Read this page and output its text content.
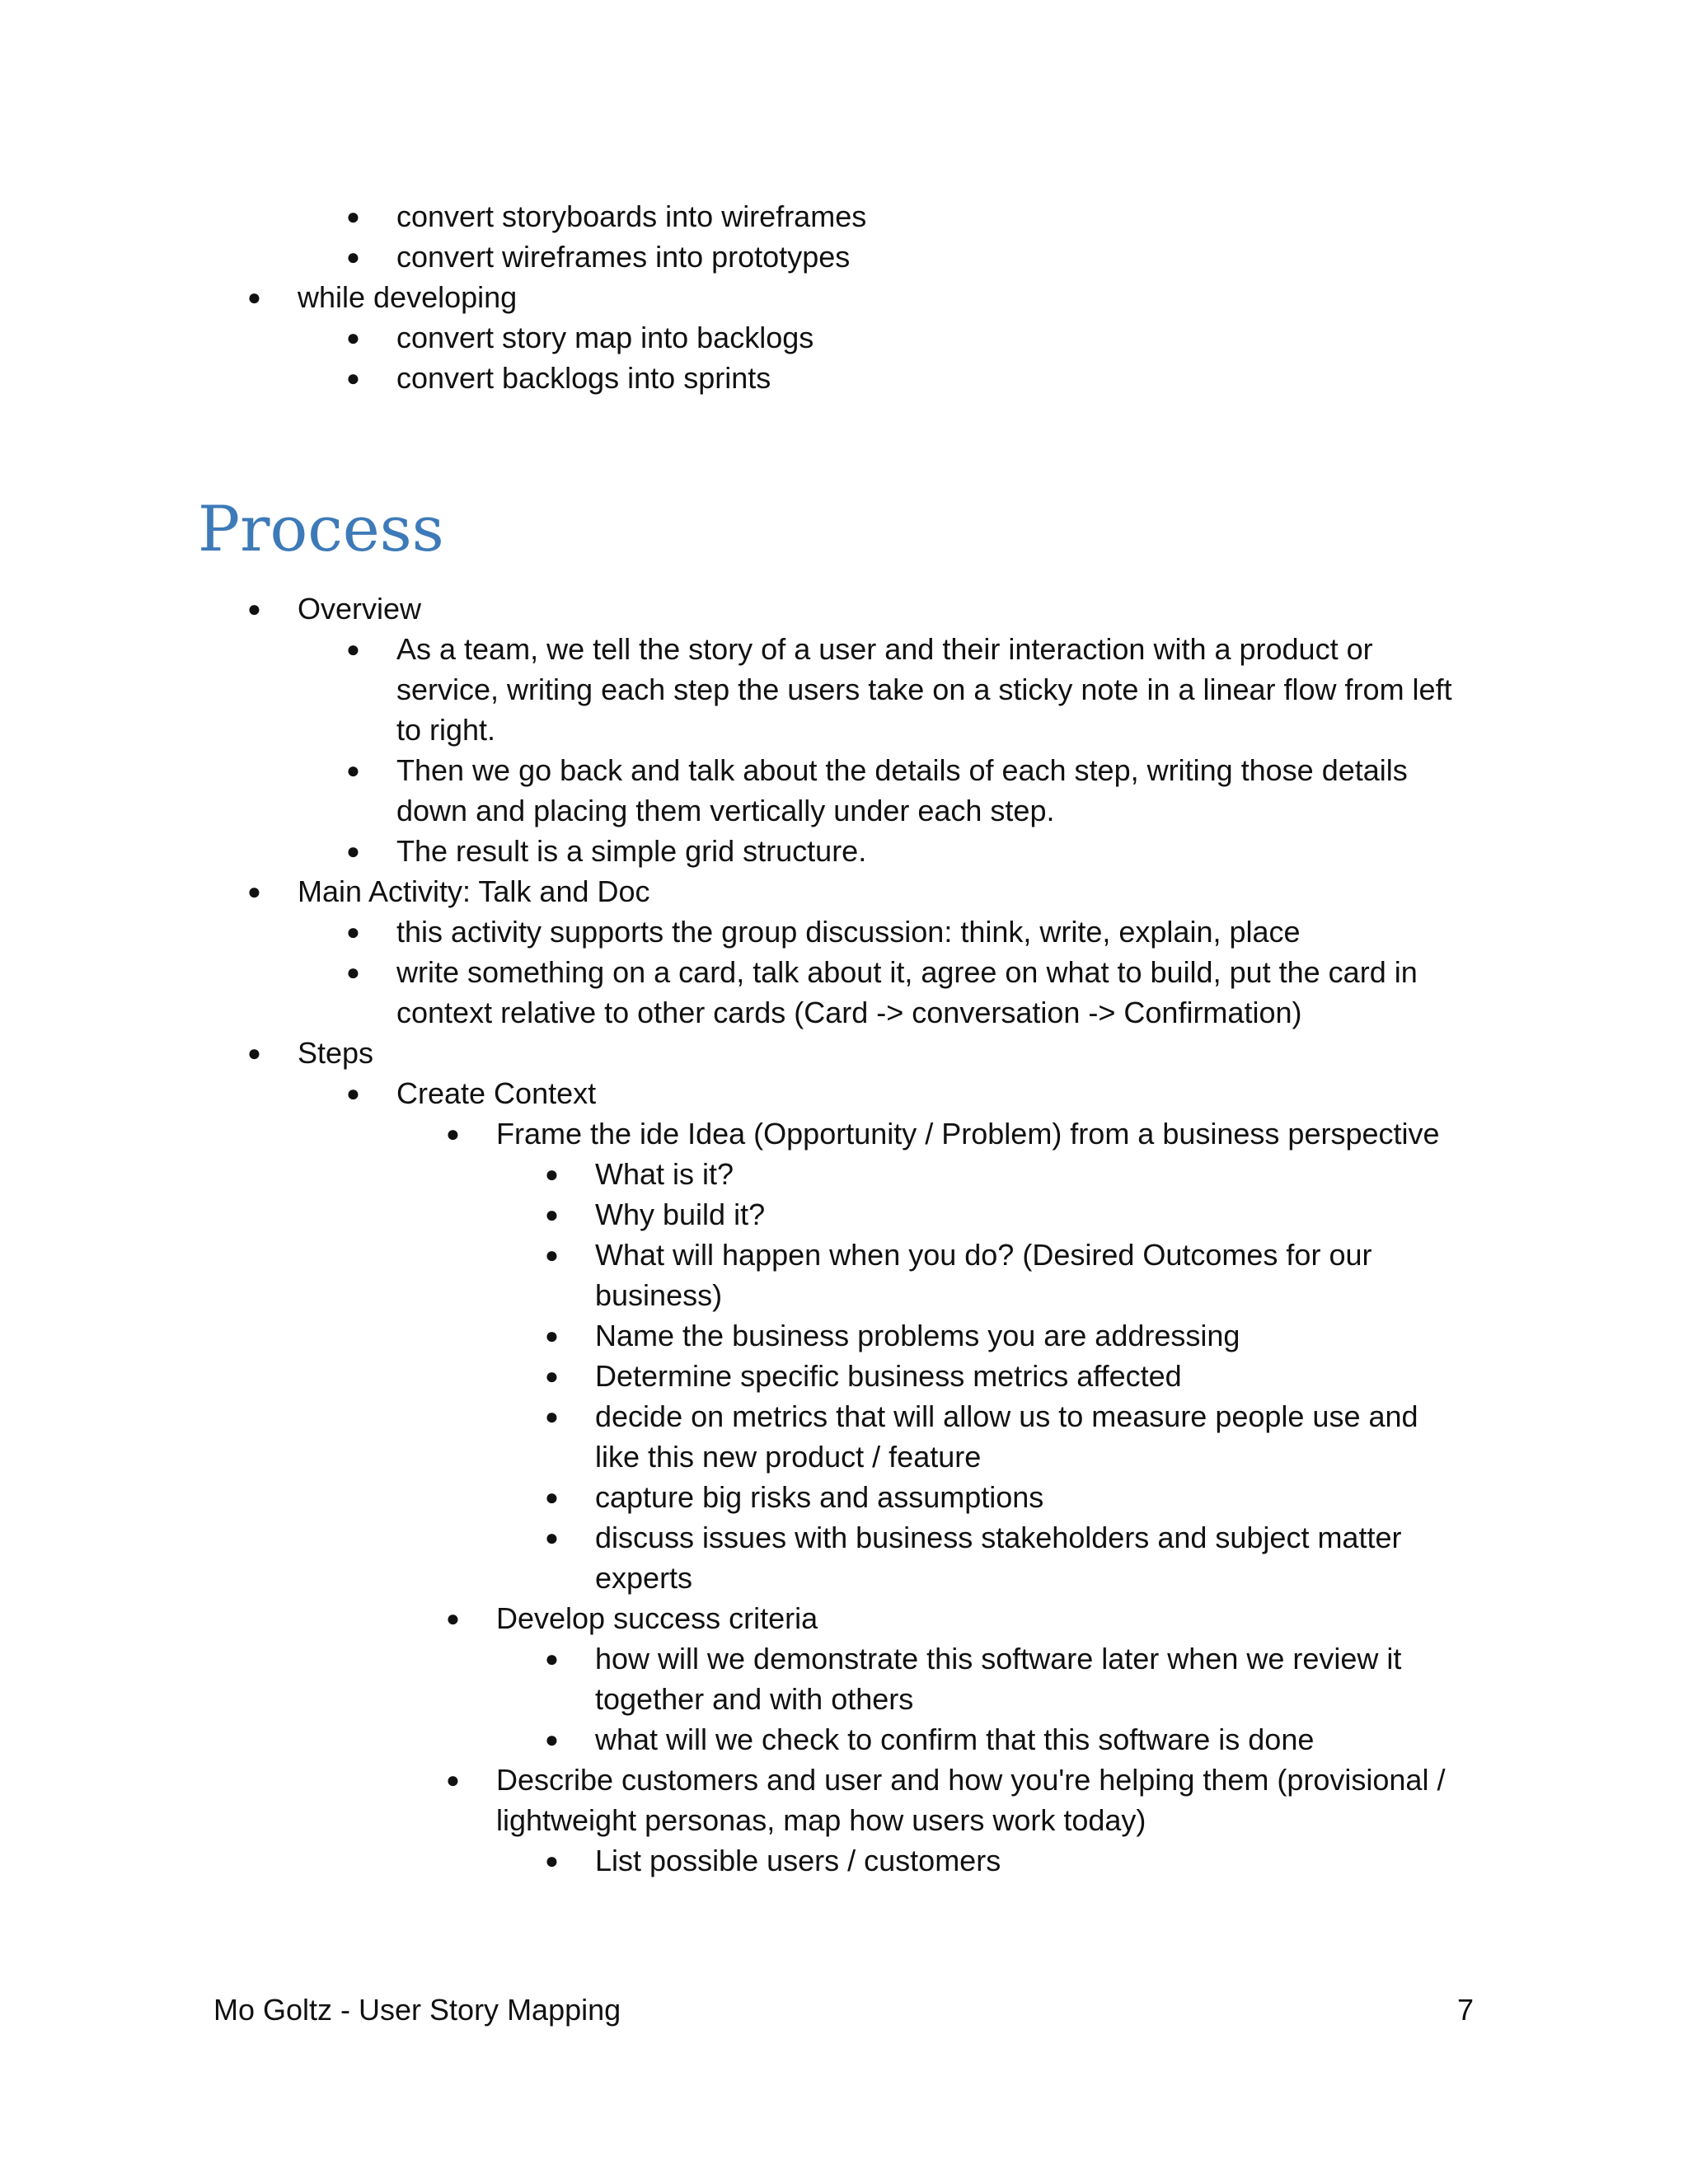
● convert storyboards into wireframes
● convert wireframes into prototypes
● while developing
● convert story map into backlogs
● convert backlogs into sprints
Process
● Overview
● As a team, we tell the story of a user and their interaction with a product or
service, writing each step the users take on a sticky note in a linear flow from left
to right.
● Then we go back and talk about the details of each step, writing those details
down and placing them vertically under each step.
● The result is a simple grid structure.
● Main Activity: Talk and Doc
● this activity supports the group discussion: think, write, explain, place
● write something on a card, talk about it, agree on what to build, put the card in
context relative to other cards (Card -> conversation -> Confirmation)
● Steps
● Create Context
● Frame the ide Idea (Opportunity / Problem) from a business perspective
● What is it?
● Why build it?
● What will happen when you do? (Desired Outcomes for our
business)
● Name the business problems you are addressing
● Determine specific business metrics affected
● decide on metrics that will allow us to measure people use and
like this new product / feature
● capture big risks and assumptions
● discuss issues with business stakeholders and subject matter
experts
● Develop success criteria
● how will we demonstrate this software later when we review it
together and with others
● what will we check to confirm that this software is done
● Describe customers and user and how you're helping them (provisional /
lightweight personas, map how users work today)
● List possible users / customers
Mo Goltz - User Story Mapping	7
